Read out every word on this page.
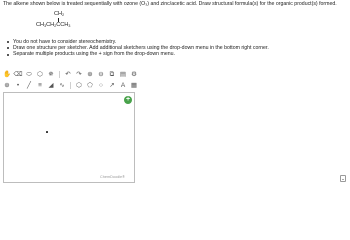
The alkene shown below is treated sequentially with ozone (O₃) and zinc/acetic acid. Draw structural formula(s) for the organic product(s) formed.
$CH_2$
$CH_3CH_2CCH_3$
You do not have to consider stereochemistry.
Draw one structure per sketcher. Add additional sketchers using the drop-down menu in the bottom right corner.
Separate multiple products using the + sign from the drop-down menu.
✋ ⌫ ⬭ ⬡ ✵ ↶ ↷ ⊕ ⊖ ⧉ ▤ ⚙
⊕	•	╱	≡	◢ ∿ ⬡ ⬠ ○ ↗ A ▦
+
ChemDoodle®	⌄
